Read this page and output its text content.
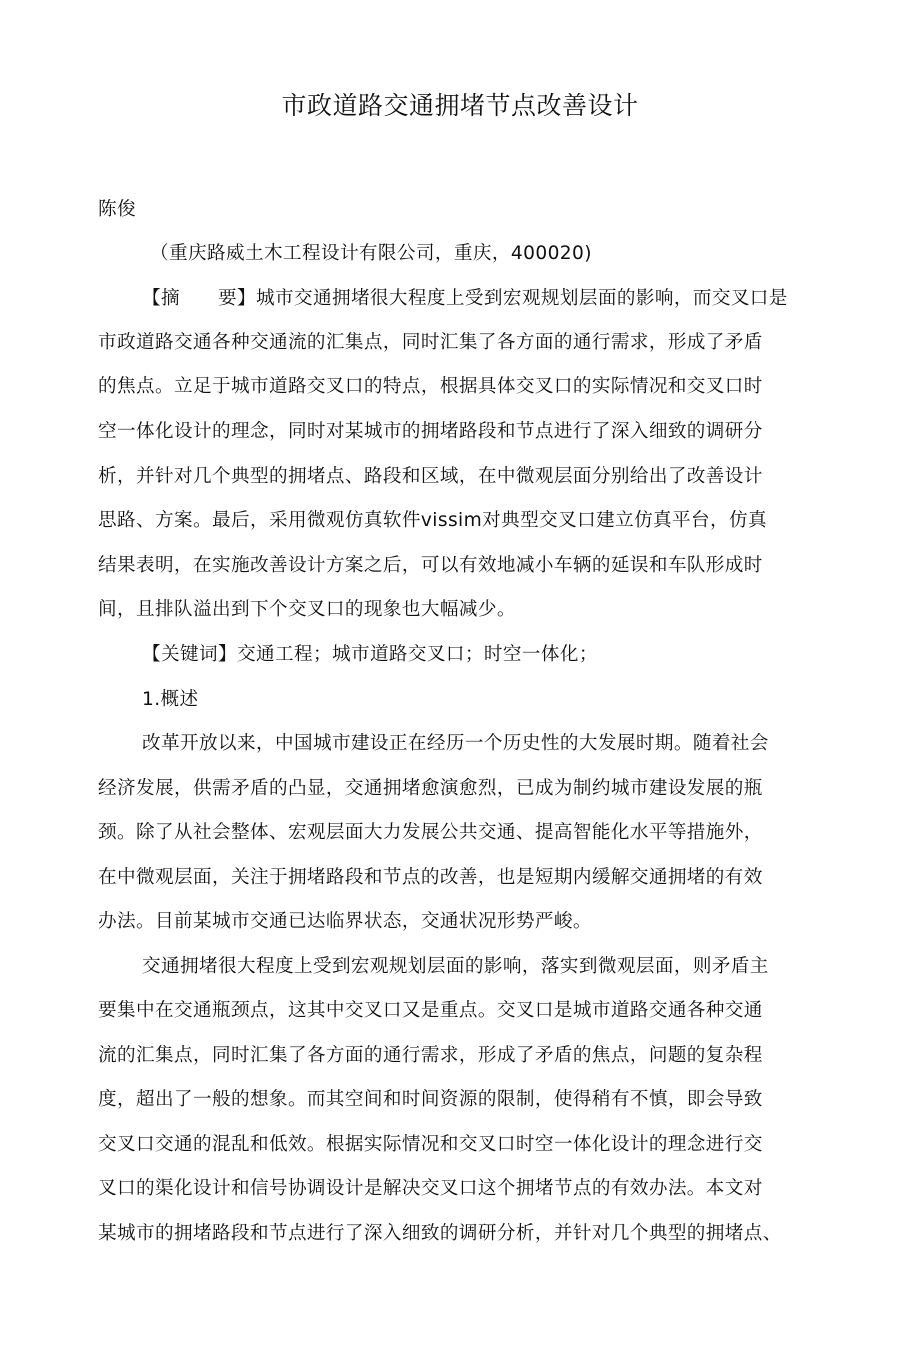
市政道路交通拥堵节点改善设计
陈俊
（重庆路威土木工程设计有限公司，重庆，400020)
【摘　　要】城市交通拥堵很大程度上受到宏观规划层面的影响，而交叉口是
市政道路交通各种交通流的汇集点，同时汇集了各方面的通行需求，形成了矛盾
的焦点。立足于城市道路交叉口的特点，根据具体交叉口的实际情况和交叉口时
空一体化设计的理念，同时对某城市的拥堵路段和节点进行了深入细致的调研分
析，并针对几个典型的拥堵点、路段和区域，在中微观层面分别给出了改善设计
思路、方案。最后，采用微观仿真软件vissim对典型交叉口建立仿真平台，仿真
结果表明，在实施改善设计方案之后，可以有效地减小车辆的延误和车队形成时
间，且排队溢出到下个交叉口的现象也大幅减少。
【关键词】交通工程；城市道路交叉口；时空一体化；
1.概述
改革开放以来，中国城市建设正在经历一个历史性的大发展时期。随着社会
经济发展，供需矛盾的凸显，交通拥堵愈演愈烈，已成为制约城市建设发展的瓶
颈。除了从社会整体、宏观层面大力发展公共交通、提高智能化水平等措施外，
在中微观层面，关注于拥堵路段和节点的改善，也是短期内缓解交通拥堵的有效
办法。目前某城市交通已达临界状态，交通状况形势严峻。
交通拥堵很大程度上受到宏观规划层面的影响，落实到微观层面，则矛盾主
要集中在交通瓶颈点，这其中交叉口又是重点。交叉口是城市道路交通各种交通
流的汇集点，同时汇集了各方面的通行需求，形成了矛盾的焦点，问题的复杂程
度，超出了一般的想象。而其空间和时间资源的限制，使得稍有不慎，即会导致
交叉口交通的混乱和低效。根据实际情况和交叉口时空一体化设计的理念进行交
叉口的渠化设计和信号协调设计是解决交叉口这个拥堵节点的有效办法。本文对
某城市的拥堵路段和节点进行了深入细致的调研分析，并针对几个典型的拥堵点、
